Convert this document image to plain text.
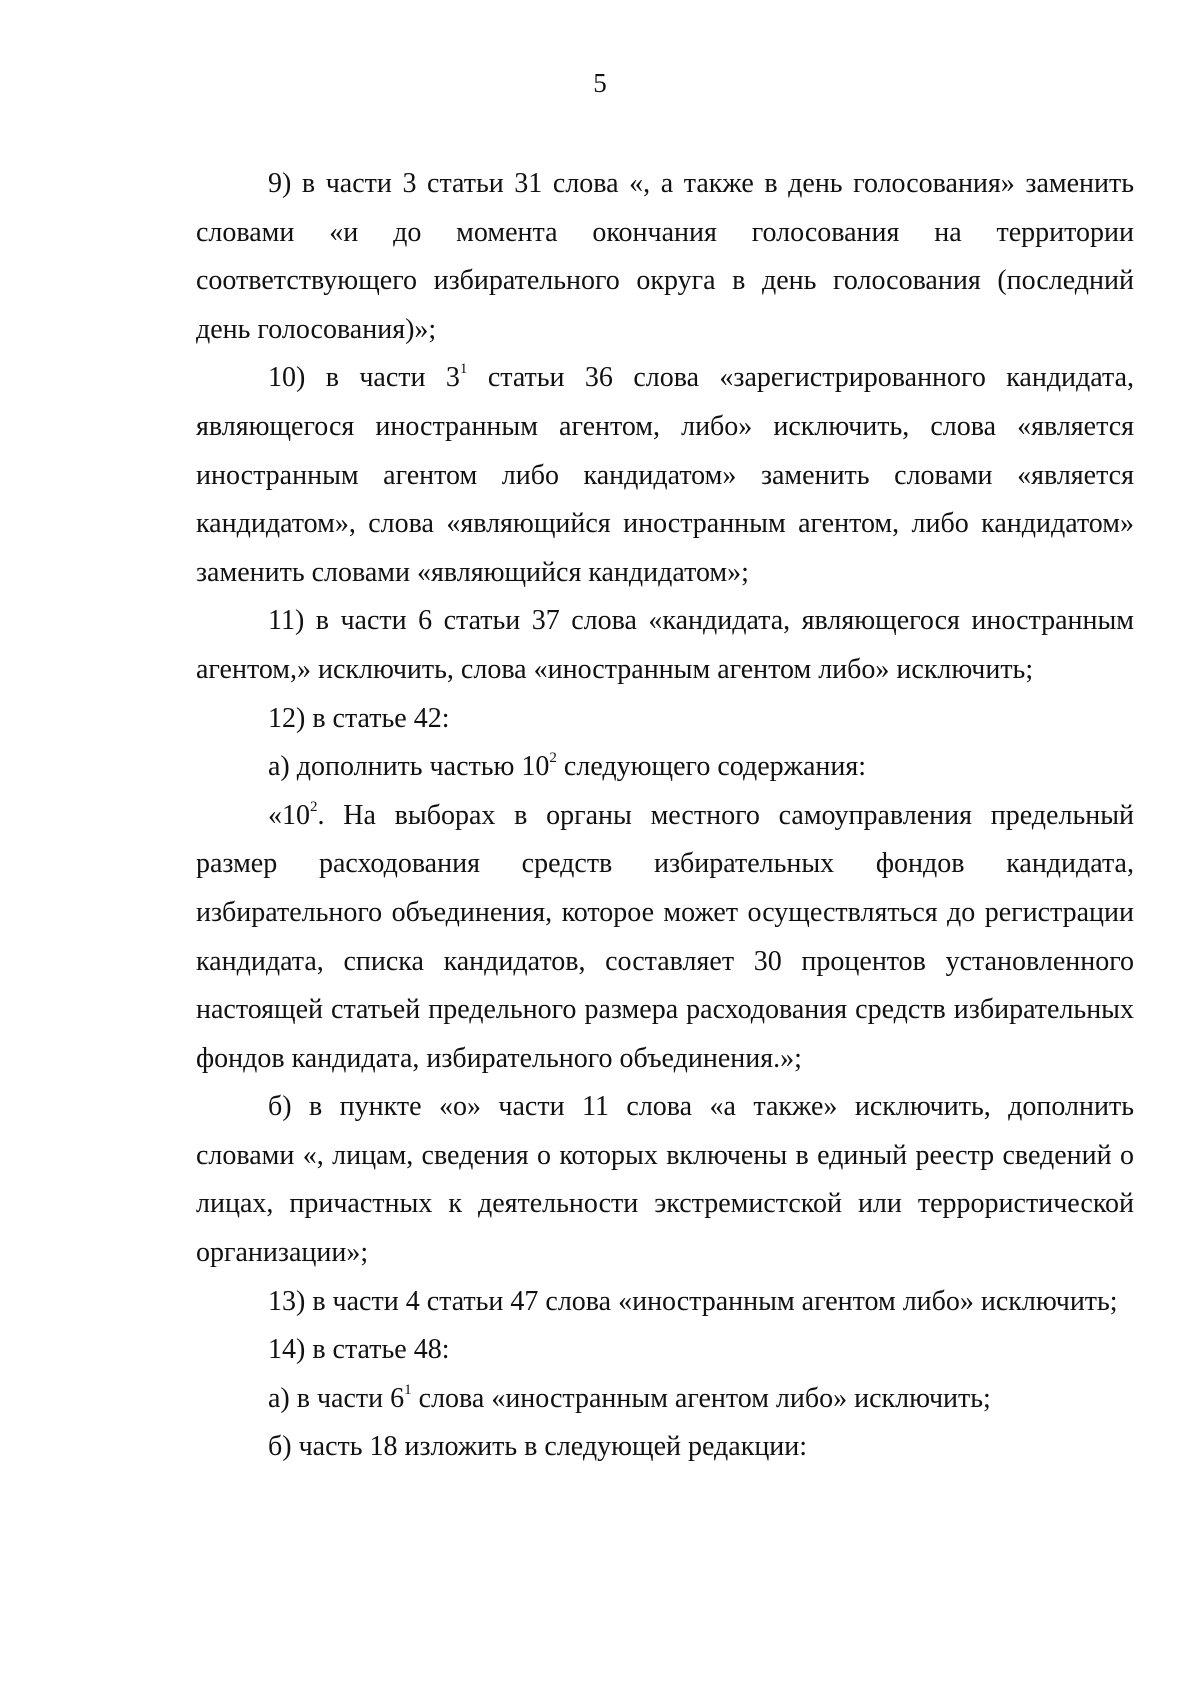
5

9) в части 3 статьи 31 слова «, а также в день голосования» заменить словами «и до момента окончания голосования на территории соответствующего избирательного округа в день голосования (последний день голосования)»;

10) в части $3^1$ статьи 36 слова «зарегистрированного кандидата, являющегося иностранным агентом, либо» исключить, слова «является иностранным агентом либо кандидатом» заменить словами «является кандидатом», слова «являющийся иностранным агентом, либо кандидатом» заменить словами «являющийся кандидатом»;

11) в части 6 статьи 37 слова «кандидата, являющегося иностранным агентом,» исключить, слова «иностранным агентом либо» исключить;

12) в статье 42:

а) дополнить частью $10^2$ следующего содержания:

«$10^2$. На выборах в органы местного самоуправления предельный размер расходования средств избирательных фондов кандидата, избирательного объединения, которое может осуществляться до регистрации кандидата, списка кандидатов, составляет 30 процентов установленного настоящей статьей предельного размера расходования средств избирательных фондов кандидата, избирательного объединения.»;

б) в пункте «о» части 11 слова «а также» исключить, дополнить словами «, лицам, сведения о которых включены в единый реестр сведений о лицах, причастных к деятельности экстремистской или террористической организации»;

13) в части 4 статьи 47 слова «иностранным агентом либо» исключить;

14) в статье 48:

а) в части $6^1$ слова «иностранным агентом либо» исключить;

б) часть 18 изложить в следующей редакции:
